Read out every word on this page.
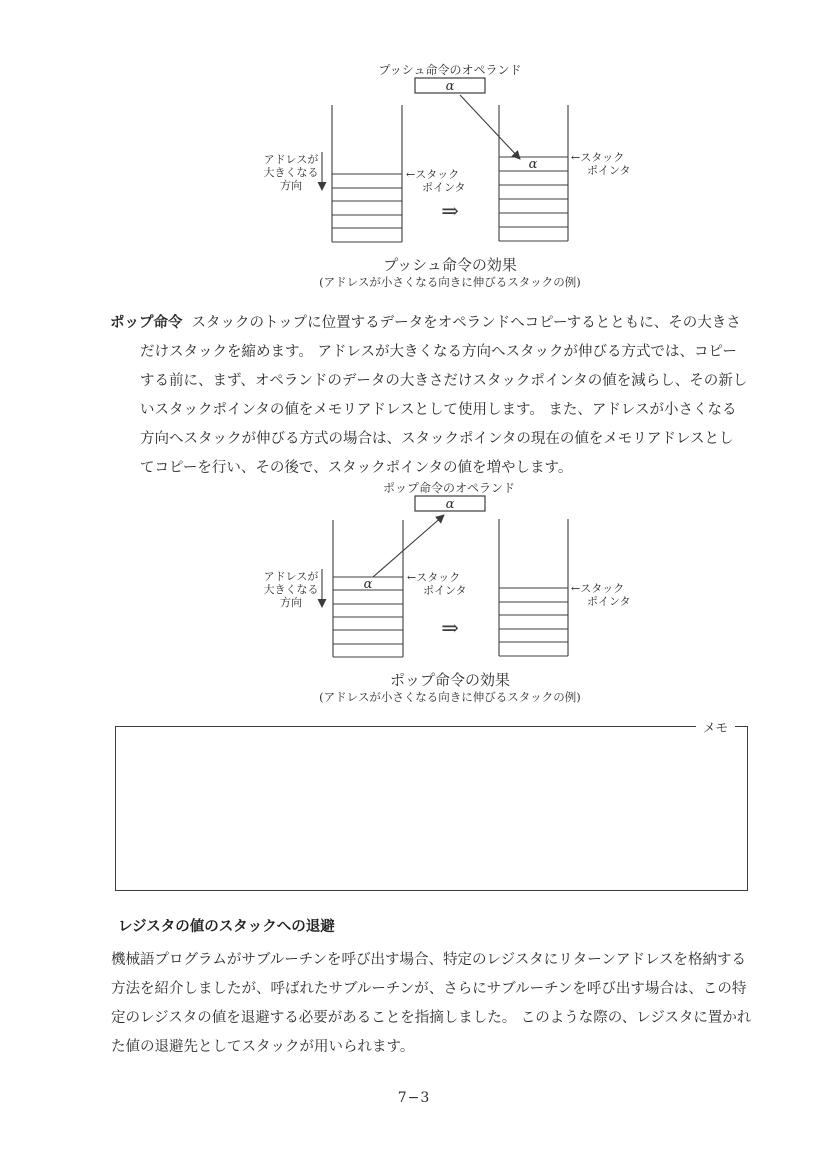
プッシュ命令のオペランド
α
←スタック
ポインタ
アドレスが
大きくなる
方向
⇒
α	←スタック
ポインタ
プッシュ命令の効果
(アドレスが小さくなる向きに伸びるスタックの例)
ポップ命令 スタックのトップに位置するデータをオペランドへコピーするとともに、その大きさ
だけスタックを縮めます。 アドレスが大きくなる方向へスタックが伸びる方式では、コピー
する前に、まず、オペランドのデータの大きさだけスタックポインタの値を減らし、その新し
いスタックポインタの値をメモリアドレスとして使用します。 また、アドレスが小さくなる
方向へスタックが伸びる方式の場合は、スタックポインタの現在の値をメモリアドレスとし
てコピーを行い、その後で、スタックポインタの値を増やします。
ポップ命令のオペランド
α
α	←スタック
ポインタ
アドレスが
大きくなる
方向
⇒
←スタック
ポインタ
ポップ命令の効果
(アドレスが小さくなる向きに伸びるスタックの例)
メモ
レジスタの値のスタックへの退避
機械語プログラムがサブルーチンを呼び出す場合、特定のレジスタにリターンアドレスを格納する
方法を紹介しましたが、呼ばれたサブルーチンが、さらにサブルーチンを呼び出す場合は、この特
定のレジスタの値を退避する必要があることを指摘しました。 このような際の、レジスタに置かれ
た値の退避先としてスタックが用いられます。
7−3
